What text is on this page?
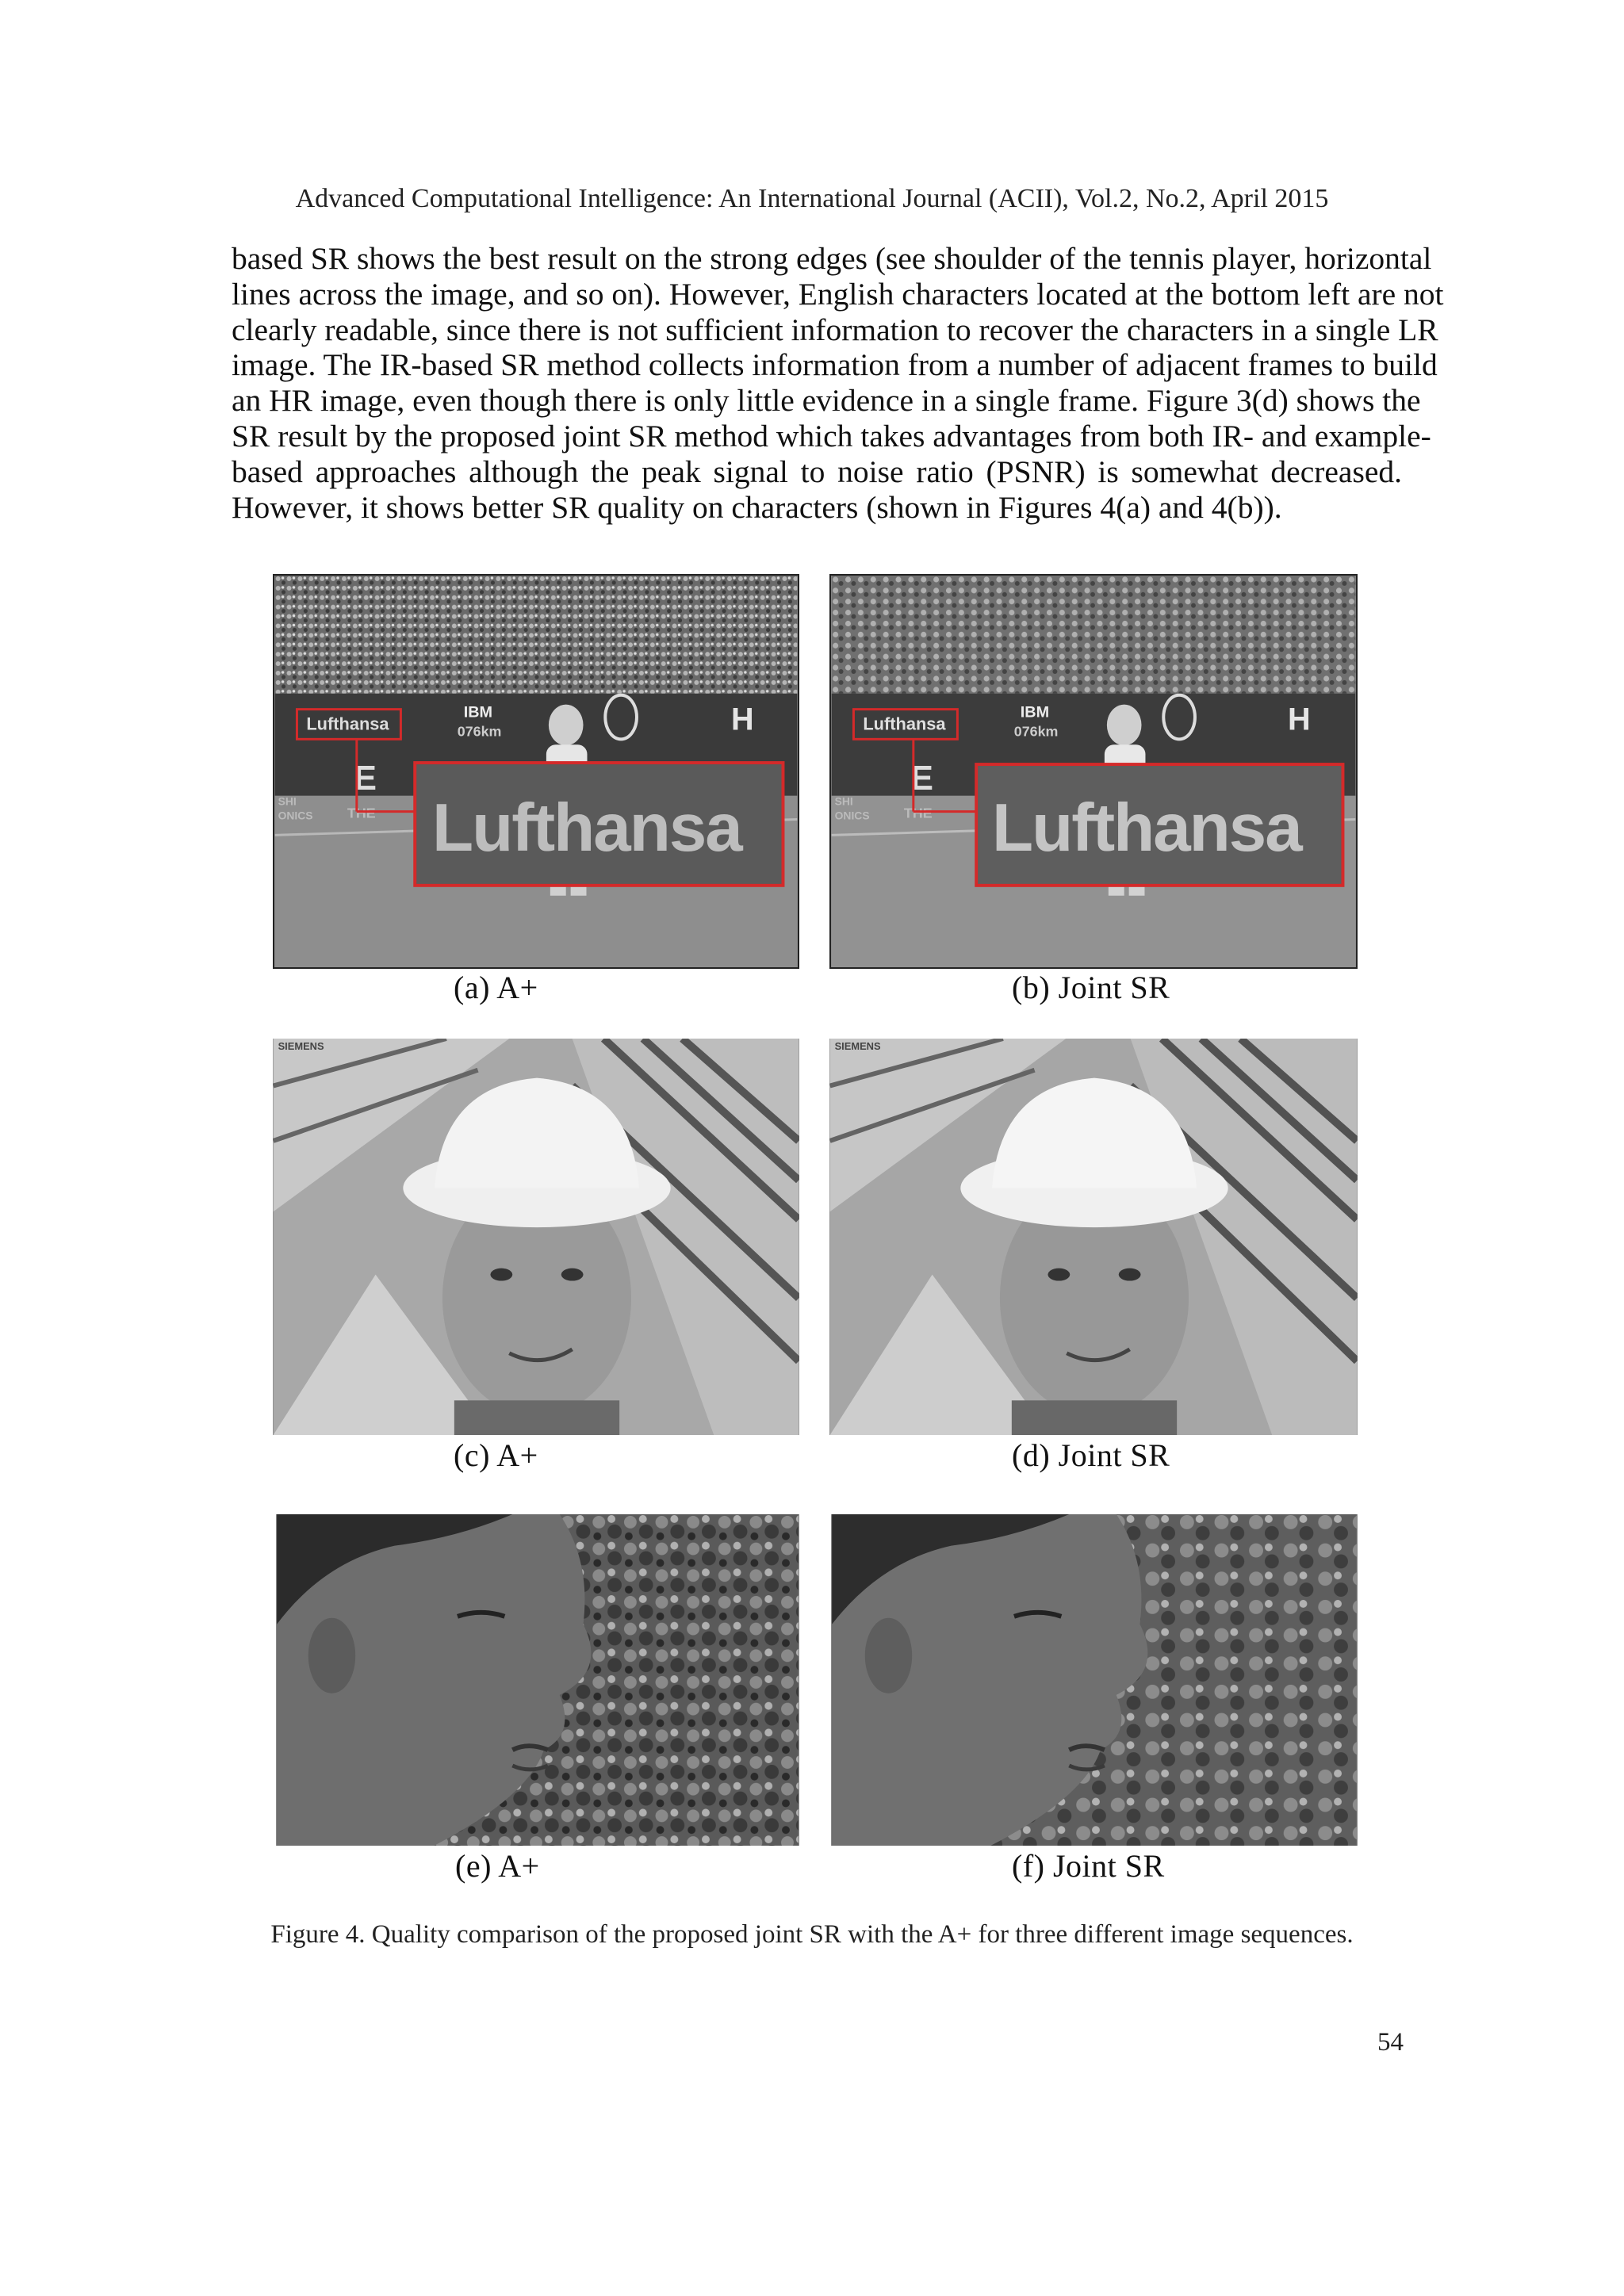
Advanced Computational Intelligence: An International Journal (ACII), Vol.2, No.2, April 2015
based SR shows the best result on the strong edges (see shoulder of the tennis player, horizontal
lines across the image, and so on). However, English characters located at the bottom left are not
clearly readable, since there is not sufficient information to recover the characters in a single LR
image. The IR-based SR method collects information from a number of adjacent frames to build
an HR image, even though there is only little evidence in a single frame. Figure 3(d) shows the
SR result by the proposed joint SR method which takes advantages from both IR- and example-
based approaches although the peak signal to noise ratio (PSNR) is somewhat decreased.
However, it shows better SR quality on characters (shown in Figures 4(a) and 4(b)).
Lufthansa
IBM
076km	H
E
THE
SHI
ONICS Lufthansa
(a) A+
Lufthansa
IBM
076km	H
E
THE
SHI
ONICS Lufthansa
(b) Joint SR
SIEMENS
(c) A+
SIEMENS
(d) Joint SR
(e) A+	(f) Joint SR
Figure 4. Quality comparison of the proposed joint SR with the A+ for three different image sequences.
54
